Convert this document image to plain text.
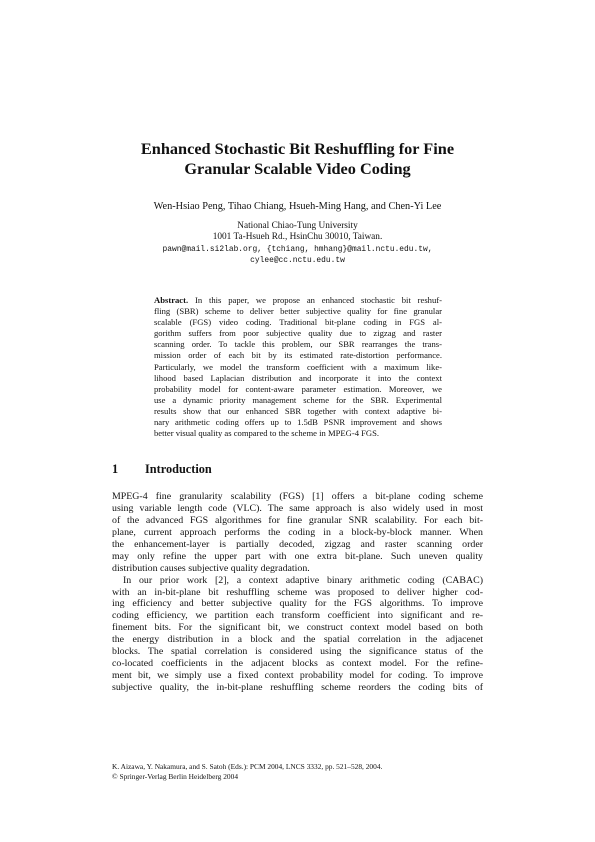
Enhanced Stochastic Bit Reshuffling for Fine
Granular Scalable Video Coding
Wen-Hsiao Peng, Tihao Chiang, Hsueh-Ming Hang, and Chen-Yi Lee
National Chiao-Tung University
1001 Ta-Hsueh Rd., HsinChu 30010, Taiwan.
pawn@mail.si2lab.org, {tchiang, hmhang}@mail.nctu.edu.tw,
cylee@cc.nctu.edu.tw
Abstract. In this paper, we propose an enhanced stochastic bit reshuf-
fling (SBR) scheme to deliver better subjective quality for fine granular
scalable (FGS) video coding. Traditional bit-plane coding in FGS al-
gorithm suffers from poor subjective quality due to zigzag and raster
scanning order. To tackle this problem, our SBR rearranges the trans-
mission order of each bit by its estimated rate-distortion performance.
Particularly, we model the transform coefficient with a maximum like-
lihood based Laplacian distribution and incorporate it into the context
probability model for content-aware parameter estimation. Moreover, we
use a dynamic priority management scheme for the SBR. Experimental
results show that our enhanced SBR together with context adaptive bi-
nary arithmetic coding offers up to 1.5dB PSNR improvement and shows
better visual quality as compared to the scheme in MPEG-4 FGS.
1 Introduction
MPEG-4 fine granularity scalability (FGS) [1] offers a bit-plane coding scheme
using variable length code (VLC). The same approach is also widely used in most
of the advanced FGS algorithmes for fine granular SNR scalability. For each bit-
plane, current approach performs the coding in a block-by-block manner. When
the enhancement-layer is partially decoded, zigzag and raster scanning order
may only refine the upper part with one extra bit-plane. Such uneven quality
distribution causes subjective quality degradation.
In our prior work [2], a context adaptive binary arithmetic coding (CABAC)
with an in-bit-plane bit reshuffling scheme was proposed to deliver higher cod-
ing efficiency and better subjective quality for the FGS algorithms. To improve
coding efficiency, we partition each transform coefficient into significant and re-
finement bits. For the significant bit, we construct context model based on both
the energy distribution in a block and the spatial correlation in the adjacenet
blocks. The spatial correlation is considered using the significance status of the
co-located coefficients in the adjacent blocks as context model. For the refine-
ment bit, we simply use a fixed context probability model for coding. To improve
subjective quality, the in-bit-plane reshuffling scheme reorders the coding bits of
K. Aizawa, Y. Nakamura, and S. Satoh (Eds.): PCM 2004, LNCS 3332, pp. 521–528, 2004.
© Springer-Verlag Berlin Heidelberg 2004
